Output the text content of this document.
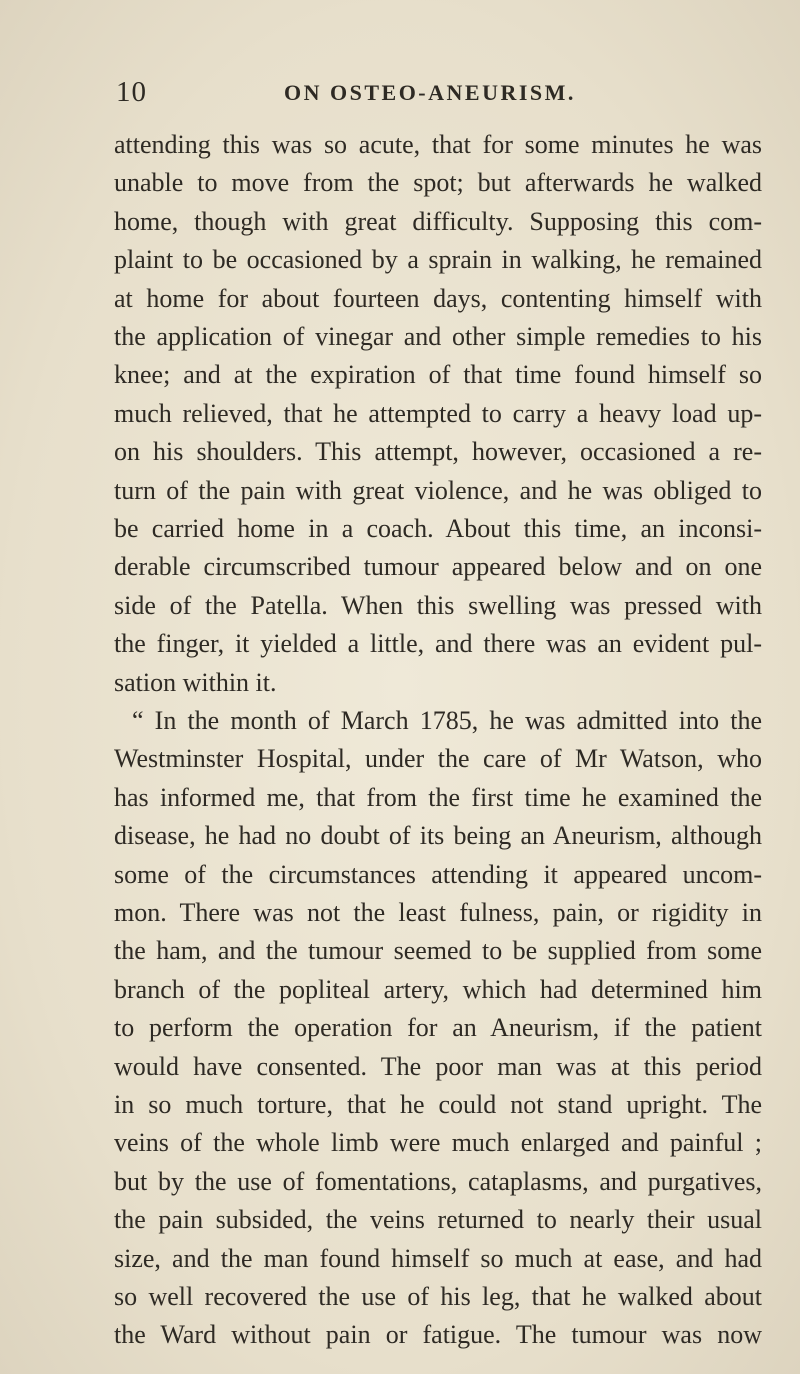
10	ON OSTEO-ANEURISM.
attending this was so acute, that for some minutes he was
unable to move from the spot; but afterwards he walked
home, though with great difficulty. Supposing this com-
plaint to be occasioned by a sprain in walking, he remained
at home for about fourteen days, contenting himself with
the application of vinegar and other simple remedies to his
knee; and at the expiration of that time found himself so
much relieved, that he attempted to carry a heavy load up-
on his shoulders. This attempt, however, occasioned a re-
turn of the pain with great violence, and he was obliged to
be carried home in a coach. About this time, an inconsi-
derable circumscribed tumour appeared below and on one
side of the Patella. When this swelling was pressed with
the finger, it yielded a little, and there was an evident pul-
sation within it.
“ In the month of March 1785, he was admitted into the
Westminster Hospital, under the care of Mr Watson, who
has informed me, that from the first time he examined the
disease, he had no doubt of its being an Aneurism, although
some of the circumstances attending it appeared uncom-
mon. There was not the least fulness, pain, or rigidity in
the ham, and the tumour seemed to be supplied from some
branch of the popliteal artery, which had determined him
to perform the operation for an Aneurism, if the patient
would have consented. The poor man was at this period
in so much torture, that he could not stand upright. The
veins of the whole limb were much enlarged and painful ;
but by the use of fomentations, cataplasms, and purgatives,
the pain subsided, the veins returned to nearly their usual
size, and the man found himself so much at ease, and had
so well recovered the use of his leg, that he walked about
the Ward without pain or fatigue. The tumour was now
